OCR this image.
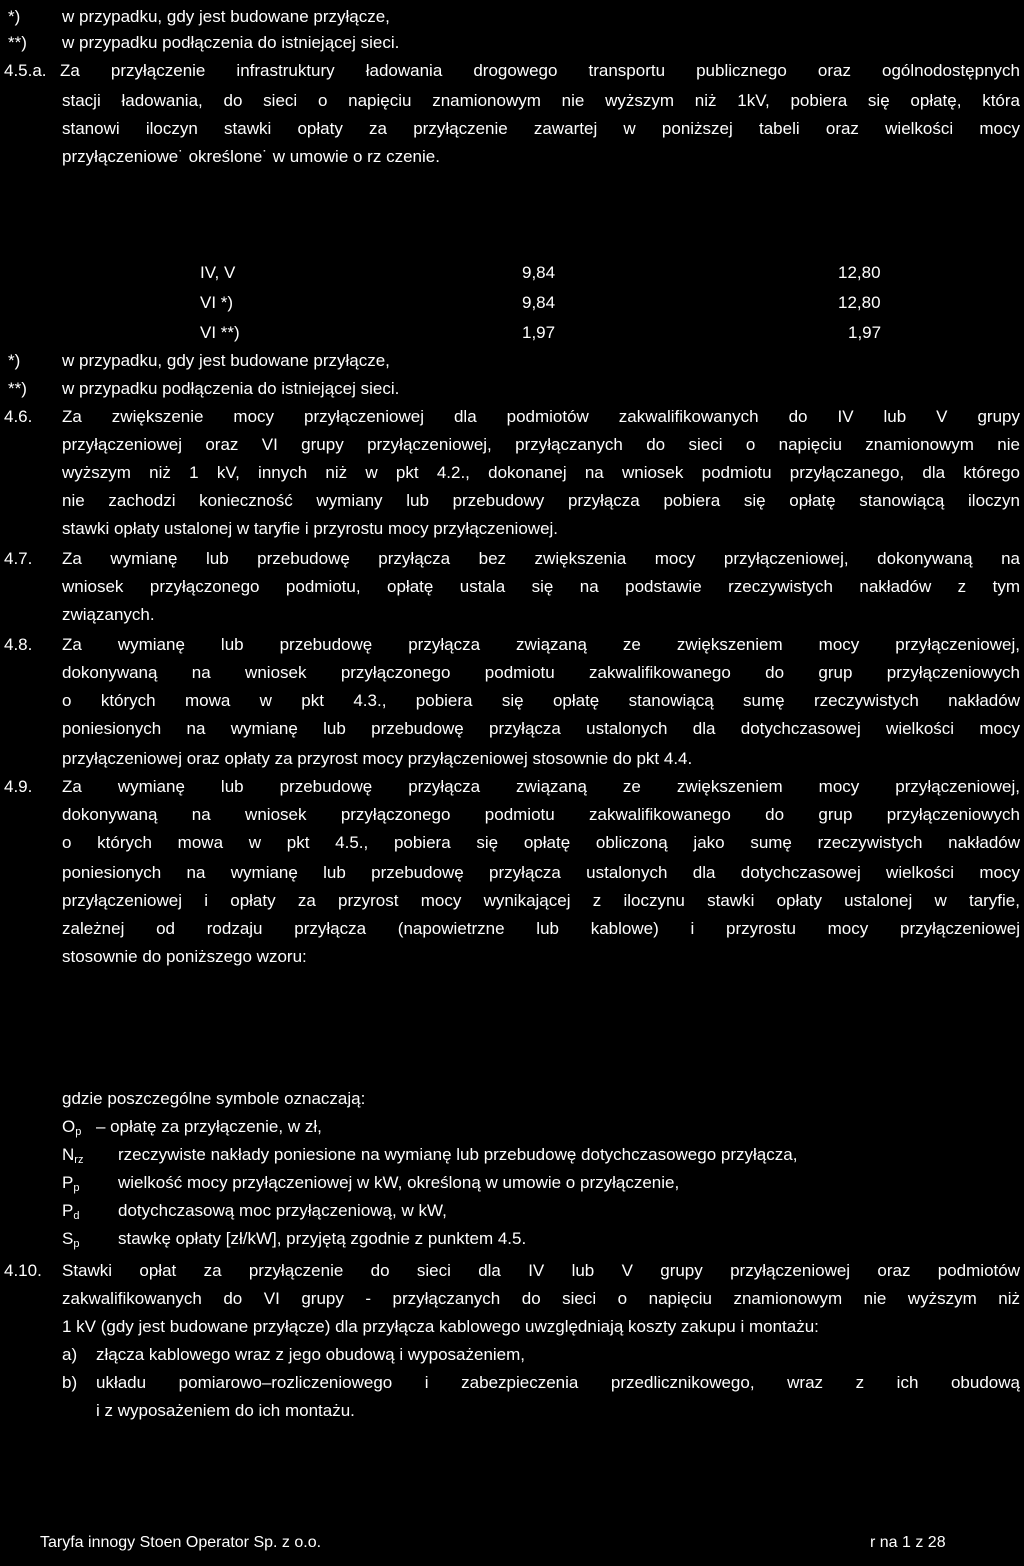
*) w przypadku, gdy jest budowane przyłącze,
**) w przypadku podłączenia do istniejącej sieci.
4.5.a. Za przyłączenie infrastruktury ładowania drogowego transportu publicznego oraz ogólnodostępnych
stacji ładowania, do sieci o napięciu znamionowym nie wyższym niż 1kV, pobiera się opłatę, która
stanowi iloczyn stawki opłaty za przyłączenie zawartej w poniższej tabeli oraz wielkości mocy
przyłączeniowe˙ określone˙ w umowie o rz czenie.
IV, V	9,84	12,80
VI *)	9,84	12,80
VI **)	1,97	1,97
*) w przypadku, gdy jest budowane przyłącze,
**) w przypadku podłączenia do istniejącej sieci.
4.6. Za zwiększenie mocy przyłączeniowej dla podmiotów zakwalifikowanych do IV lub V grupy
przyłączeniowej oraz VI grupy przyłączeniowej, przyłączanych do sieci o napięciu znamionowym nie
wyższym niż 1 kV, innych niż w pkt 4.2., dokonanej na wniosek podmiotu przyłączanego, dla którego
nie zachodzi konieczność wymiany lub przebudowy przyłącza pobiera się opłatę stanowiącą iloczyn
stawki opłaty ustalonej w taryfie i przyrostu mocy przyłączeniowej.
4.7. Za wymianę lub przebudowę przyłącza bez zwiększenia mocy przyłączeniowej, dokonywaną na
wniosek przyłączonego podmiotu, opłatę ustala się na podstawie rzeczywistych nakładów z tym
związanych.
4.8. Za wymianę lub przebudowę przyłącza związaną ze zwiększeniem mocy przyłączeniowej,
dokonywaną na wniosek przyłączonego podmiotu zakwalifikowanego do grup przyłączeniowych
o których mowa w pkt 4.3., pobiera się opłatę stanowiącą sumę rzeczywistych nakładów
poniesionych na wymianę lub przebudowę przyłącza ustalonych dla dotychczasowej wielkości mocy
przyłączeniowej oraz opłaty za przyrost mocy przyłączeniowej stosownie do pkt 4.4.
4.9. Za wymianę lub przebudowę przyłącza związaną ze zwiększeniem mocy przyłączeniowej,
dokonywaną na wniosek przyłączonego podmiotu zakwalifikowanego do grup przyłączeniowych
o których mowa w pkt 4.5., pobiera się opłatę obliczoną jako sumę rzeczywistych nakładów
poniesionych na wymianę lub przebudowę przyłącza ustalonych dla dotychczasowej wielkości mocy
przyłączeniowej i opłaty za przyrost mocy wynikającej z iloczynu stawki opłaty ustalonej w taryfie,
zależnej od rodzaju przyłącza (napowietrzne lub kablowe) i przyrostu mocy przyłączeniowej
stosownie do poniższego wzoru:
gdzie poszczególne symbole oznaczają:
$O_p$ – opłatę za przyłączenie, w zł,
$N_{rz}$ rzeczywiste nakłady poniesione na wymianę lub przebudowę dotychczasowego przyłącza,
$P_p$ wielkość mocy przyłączeniowej w kW, określoną w umowie o przyłączenie,
$P_d$ dotychczasową moc przyłączeniową, w kW,
$S_p$ stawkę opłaty [zł/kW], przyjętą zgodnie z punktem 4.5.
4.10. Stawki opłat za przyłączenie do sieci dla IV lub V grupy przyłączeniowej oraz podmiotów
zakwalifikowanych do VI grupy - przyłączanych do sieci o napięciu znamionowym nie wyższym niż
1 kV (gdy jest budowane przyłącze) dla przyłącza kablowego uwzględniają koszty zakupu i montażu:
a) złącza kablowego wraz z jego obudową i wyposażeniem,
b) układu pomiarowo–rozliczeniowego i zabezpieczenia przedlicznikowego, wraz z ich obudową
i z wyposażeniem do ich montażu.
Taryfa innogy Stoen Operator Sp. z o.o.	r na 1 z 28
